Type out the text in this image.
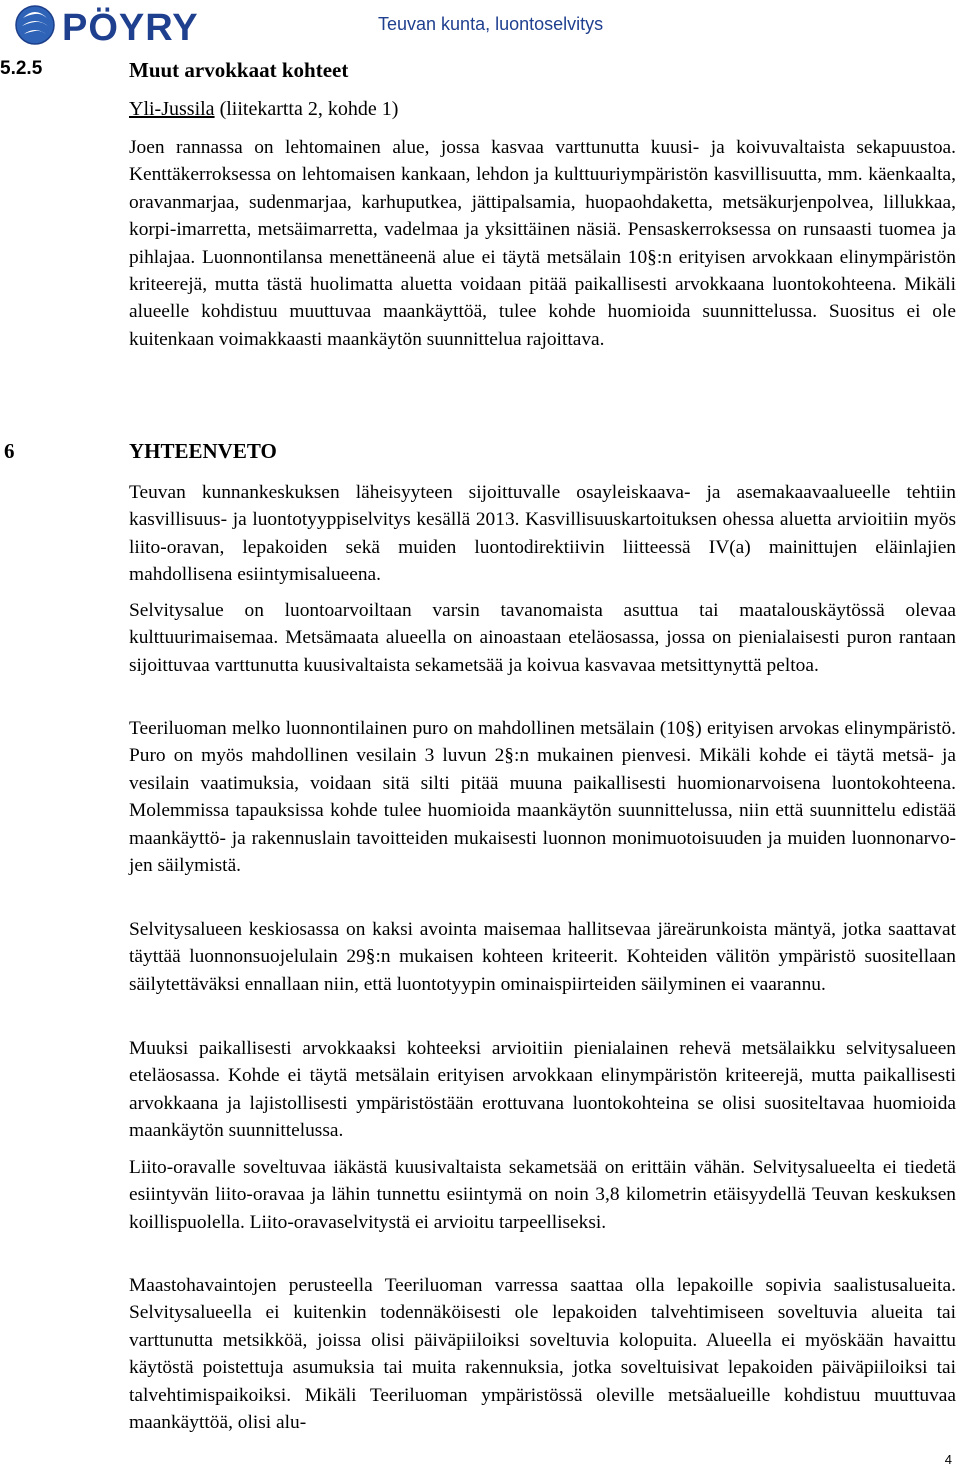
PÖYRY	Teuvan kunta, luontoselvitys
5.2.5	Muut arvokkaat kohteet
Yli-Jussila (liitekartta 2, kohde 1)

Joen rannassa on lehtomainen alue, jossa kasvaa varttunutta kuusi- ja koivuvaltaista sekapuustoa. Kenttäkerroksessa on lehtomaisen kankaan, lehdon ja kulttuuriympäristön kasvillisuutta, mm. käenkaalta, oravanmarjaa, sudenmarjaa, karhuputkea, jättipalsamia, huopaohdaketta, metsäkurjenpolvea, lillukkaa, korpi-imarretta, metsäimarretta, vadelmaa ja yksittäinen näsiä. Pensaskerroksessa on runsaasti tuomea ja pihlajaa. Luonnontilansa menettäneenä alue ei täytä metsälain 10§:n erityisen arvokkaan elinympäristön kriteerejä, mutta tästä huolimatta aluetta voidaan pitää paikallisesti arvokkaana luontokohteena. Mikäli alueelle kohdistuu muuttuvaa maankäyttöä, tulee kohde huomioida suunnittelussa. Suositus ei ole kuitenkaan voimakkaasti maankäytön suunnittelua rajoittava.

6	YHTEENVETO

Teuvan kunnankeskuksen läheisyyteen sijoittuvalle osayleiskaava- ja asemakaavaalueelle tehtiin kasvillisuus- ja luontotyyppiselvitys kesällä 2013. Kasvillisuuskartoituksen ohessa aluetta arvioitiin myös liito-oravan, lepakoiden sekä muiden luontodirektiivin liitteessä IV(a) mainittujen eläinlajien mahdollisena esiintymisalueena.

Selvitysalue on luontoarvoiltaan varsin tavanomaista asuttua tai maatalouskäytössä olevaa kulttuurimaisemaa. Metsämaata alueella on ainoastaan eteläosassa, jossa on pienialaisesti puron rantaan sijoittuvaa varttunutta kuusivaltaista sekametsää ja koivua kasvavaa metsittynyttä peltoa.

Teeriluoman melko luonnontilainen puro on mahdollinen metsälain (10§) erityisen arvokas elinympäristö. Puro on myös mahdollinen vesilain 3 luvun 2§:n mukainen pienvesi. Mikäli kohde ei täytä metsä- ja vesilain vaatimuksia, voidaan sitä silti pitää muuna paikallisesti huomionarvoisena luontokohteena. Molemmissa tapauksissa kohde tulee huomioida maankäytön suunnittelussa, niin että suunnittelu edistää maankäyttö- ja rakennuslain tavoitteiden mukaisesti luonnon monimuotoisuuden ja muiden luonnonarvojen säilymistä.

Selvitysalueen keskiosassa on kaksi avointa maisemaa hallitsevaa järeärunkoista mäntyä, jotka saattavat täyttää luonnonsuojelulain 29§:n mukaisen kohteen kriteerit. Kohteiden välitön ympäristö suositellaan säilytettäväksi ennallaan niin, että luontotyypin ominaispiirteiden säilyminen ei vaarannu.

Muuksi paikallisesti arvokkaaksi kohteeksi arvioitiin pienialainen rehevä metsälaikku selvitysalueen eteläosassa. Kohde ei täytä metsälain erityisen arvokkaan elinympäristön kriteerejä, mutta paikallisesti arvokkaana ja lajistollisesti ympäristöstään erottuvana luontokohteina se olisi suositeltavaa huomioida maankäytön suunnittelussa.

Liito-oravalle soveltuvaa iäkästä kuusivaltaista sekametsää on erittäin vähän. Selvitysalueelta ei tiedetä esiintyvän liito-oravaa ja lähin tunnettu esiintymä on noin 3,8 kilometrin etäisyydellä Teuvan keskuksen koillispuolella. Liito-oravaselvitystä ei arvioitu tarpeelliseksi.

Maastohavaintojen perusteella Teeriluoman varressa saattaa olla lepakoille sopivia saalistusalueita. Selvitysalueella ei kuitenkin todennäköisesti ole lepakoiden talvehtimiseen soveltuvia alueita tai varttunutta metsikköä, joissa olisi päiväpiiloiksi soveltuvia kolopuita. Alueella ei myöskään havaittu käytöstä poistettuja asumuksia tai muita rakennuksia, jotka soveltuisivat lepakoiden päiväpiiloiksi tai talvehtimispaikoiksi. Mikäli Teeriluoman ympäristössä oleville metsäalueille kohdistuu muuttuvaa maankäyttöä, olisi alu-

4
